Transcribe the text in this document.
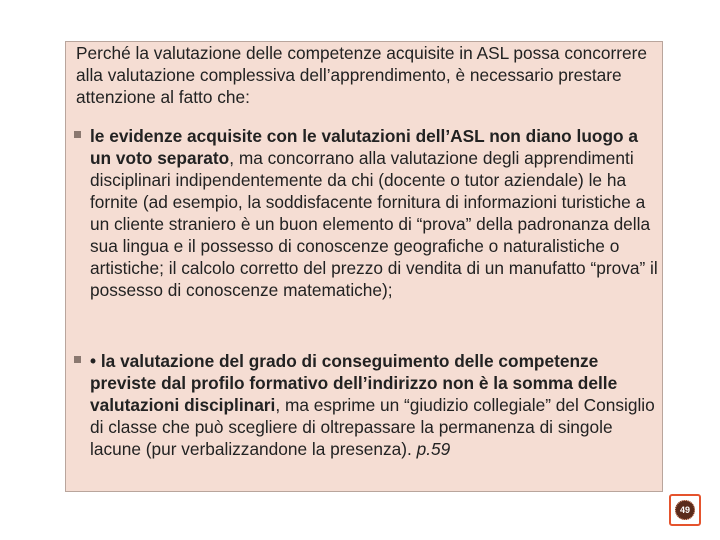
Perché la valutazione delle competenze acquisite in ASL possa concorrere alla valutazione complessiva dell’apprendimento, è necessario prestare attenzione al fatto che:

le evidenze acquisite con le valutazioni dell’ASL non diano luogo a un voto separato, ma concorrano alla valutazione degli apprendimenti disciplinari indipendentemente da chi (docente o tutor aziendale) le ha fornite (ad esempio, la soddisfacente fornitura di informazioni turistiche a un cliente straniero è un buon elemento di “prova” della padronanza della sua lingua e il possesso di conoscenze geografiche o naturalistiche o artistiche; il calcolo corretto del prezzo di vendita di un manufatto “prova” il possesso di conoscenze matematiche);
• la valutazione del grado di conseguimento delle competenze previste dal profilo formativo dell’indirizzo non è la somma delle valutazioni disciplinari, ma esprime un “giudizio collegiale” del Consiglio di classe che può scegliere di oltrepassare la permanenza di singole lacune (pur verbalizzandone la presenza). p.59
49
